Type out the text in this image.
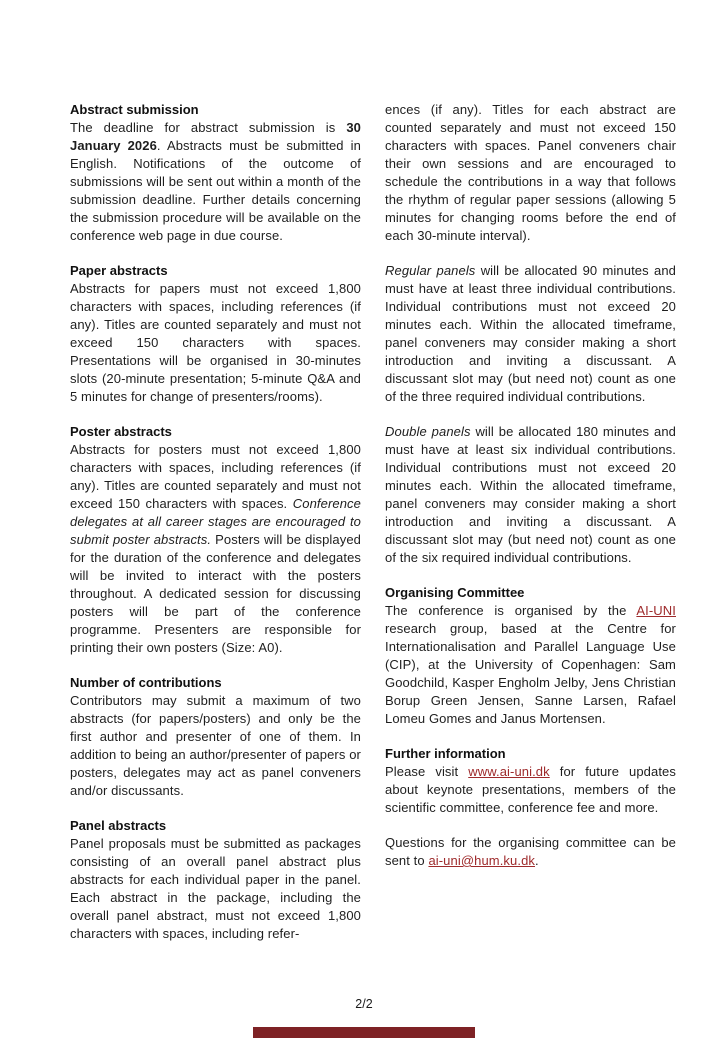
Abstract submission

The deadline for abstract submission is 30 January 2026. Abstracts must be submitted in English. Notifications of the outcome of submissions will be sent out within a month of the submission deadline. Further details concerning the submission procedure will be available on the conference web page in due course.

Paper abstracts

Abstracts for papers must not exceed 1,800 characters with spaces, including references (if any). Titles are counted separately and must not exceed 150 characters with spaces. Presentations will be organised in 30-minutes slots (20-minute presentation; 5-minute Q&A and 5 minutes for change of presenters/rooms).

Poster abstracts

Abstracts for posters must not exceed 1,800 characters with spaces, including references (if any). Titles are counted separately and must not exceed 150 characters with spaces. Conference delegates at all career stages are encouraged to submit poster abstracts. Posters will be displayed for the duration of the conference and delegates will be invited to interact with the posters throughout. A dedicated session for discussing posters will be part of the conference programme. Presenters are responsible for printing their own posters (Size: A0).

Number of contributions

Contributors may submit a maximum of two abstracts (for papers/posters) and only be the first author and presenter of one of them. In addition to being an author/presenter of papers or posters, delegates may act as panel conveners and/or discussants.

Panel abstracts

Panel proposals must be submitted as packages consisting of an overall panel abstract plus abstracts for each individual paper in the panel. Each abstract in the package, including the overall panel abstract, must not exceed 1,800 characters with spaces, including refer-

ences (if any). Titles for each abstract are counted separately and must not exceed 150 characters with spaces. Panel conveners chair their own sessions and are encouraged to schedule the contributions in a way that follows the rhythm of regular paper sessions (allowing 5 minutes for changing rooms before the end of each 30-minute interval).

Regular panels will be allocated 90 minutes and must have at least three individual contributions. Individual contributions must not exceed 20 minutes each. Within the allocated timeframe, panel conveners may consider making a short introduction and inviting a discussant. A discussant slot may (but need not) count as one of the three required individual contributions.

Double panels will be allocated 180 minutes and must have at least six individual contributions. Individual contributions must not exceed 20 minutes each. Within the allocated timeframe, panel conveners may consider making a short introduction and inviting a discussant. A discussant slot may (but need not) count as one of the six required individual contributions.

Organising Committee

The conference is organised by the AI-UNI research group, based at the Centre for Internationalisation and Parallel Language Use (CIP), at the University of Copenhagen: Sam Goodchild, Kasper Engholm Jelby, Jens Christian Borup Green Jensen, Sanne Larsen, Rafael Lomeu Gomes and Janus Mortensen.

Further information

Please visit www.ai-uni.dk for future updates about keynote presentations, members of the scientific committee, conference fee and more.

Questions for the organising committee can be sent to ai-uni@hum.ku.dk.

2/2
